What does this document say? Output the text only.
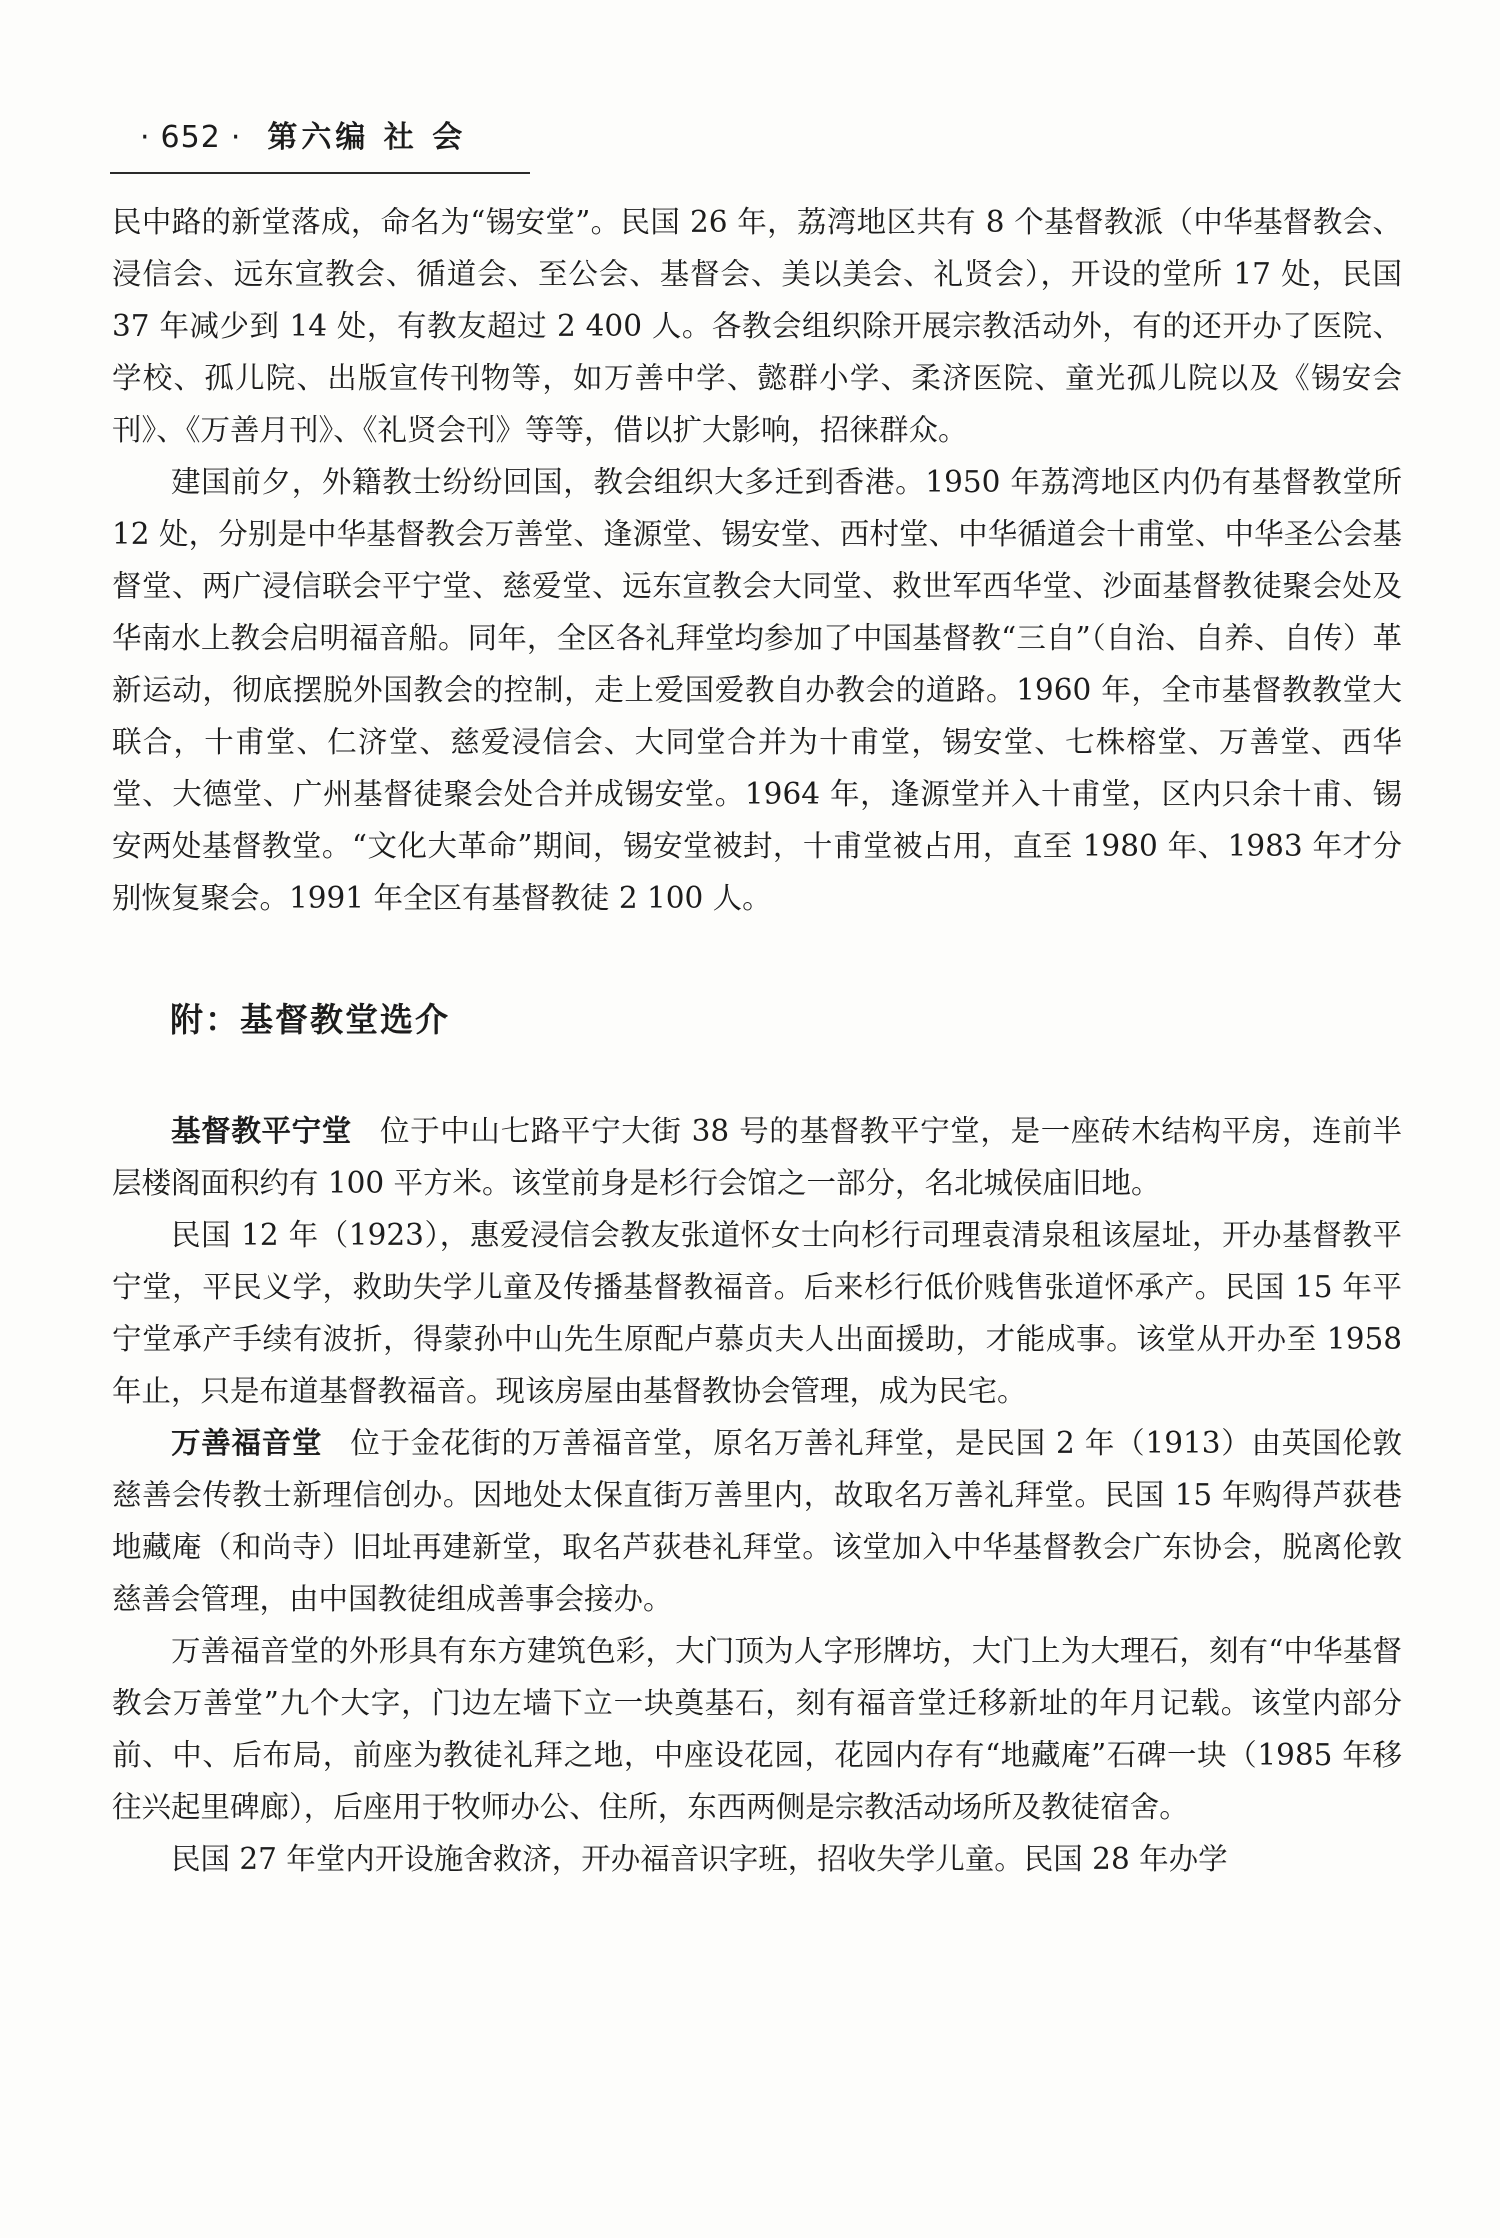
· 652 · 第六编 社 会

民中路的新堂落成，命名为“锡安堂”。民国 26 年，荔湾地区共有 8 个基督教派（中华基督教会、浸信会、远东宣教会、循道会、至公会、基督会、美以美会、礼贤会），开设的堂所 17 处，民国 37 年减少到 14 处，有教友超过 2 400 人。各教会组织除开展宗教活动外，有的还开办了医院、学校、孤儿院、出版宣传刊物等，如万善中学、懿群小学、柔济医院、童光孤儿院以及《锡安会刊》、《万善月刊》、《礼贤会刊》等等，借以扩大影响，招徕群众。

建国前夕，外籍教士纷纷回国，教会组织大多迁到香港。1950 年荔湾地区内仍有基督教堂所 12 处，分别是中华基督教会万善堂、逢源堂、锡安堂、西村堂、中华循道会十甫堂、中华圣公会基督堂、两广浸信联会平宁堂、慈爱堂、远东宣教会大同堂、救世军西华堂、沙面基督教徒聚会处及华南水上教会启明福音船。同年，全区各礼拜堂均参加了中国基督教“三自”（自治、自养、自传）革新运动，彻底摆脱外国教会的控制，走上爱国爱教自办教会的道路。1960 年，全市基督教教堂大联合，十甫堂、仁济堂、慈爱浸信会、大同堂合并为十甫堂，锡安堂、七株榕堂、万善堂、西华堂、大德堂、广州基督徒聚会处合并成锡安堂。1964 年，逢源堂并入十甫堂，区内只余十甫、锡安两处基督教堂。“文化大革命”期间，锡安堂被封，十甫堂被占用，直至 1980 年、1983 年才分别恢复聚会。1991 年全区有基督教徒 2 100 人。

附：基督教堂选介

基督教平宁堂 位于中山七路平宁大街 38 号的基督教平宁堂，是一座砖木结构平房，连前半层楼阁面积约有 100 平方米。该堂前身是杉行会馆之一部分，名北城侯庙旧地。

民国 12 年（1923），惠爱浸信会教友张道怀女士向杉行司理袁清泉租该屋址，开办基督教平宁堂，平民义学，救助失学儿童及传播基督教福音。后来杉行低价贱售张道怀承产。民国 15 年平宁堂承产手续有波折，得蒙孙中山先生原配卢慕贞夫人出面援助，才能成事。该堂从开办至 1958 年止，只是布道基督教福音。现该房屋由基督教协会管理，成为民宅。

万善福音堂 位于金花街的万善福音堂，原名万善礼拜堂，是民国 2 年（1913）由英国伦敦慈善会传教士新理信创办。因地处太保直街万善里内，故取名万善礼拜堂。民国 15 年购得芦荻巷地藏庵（和尚寺）旧址再建新堂，取名芦荻巷礼拜堂。该堂加入中华基督教会广东协会，脱离伦敦慈善会管理，由中国教徒组成善事会接办。

万善福音堂的外形具有东方建筑色彩，大门顶为人字形牌坊，大门上为大理石，刻有“中华基督教会万善堂”九个大字，门边左墙下立一块奠基石，刻有福音堂迁移新址的年月记载。该堂内部分前、中、后布局，前座为教徒礼拜之地，中座设花园，花园内存有“地藏庵”石碑一块（1985 年移往兴起里碑廊），后座用于牧师办公、住所，东西两侧是宗教活动场所及教徒宿舍。

民国 27 年堂内开设施舍救济，开办福音识字班，招收失学儿童。民国 28 年办学
